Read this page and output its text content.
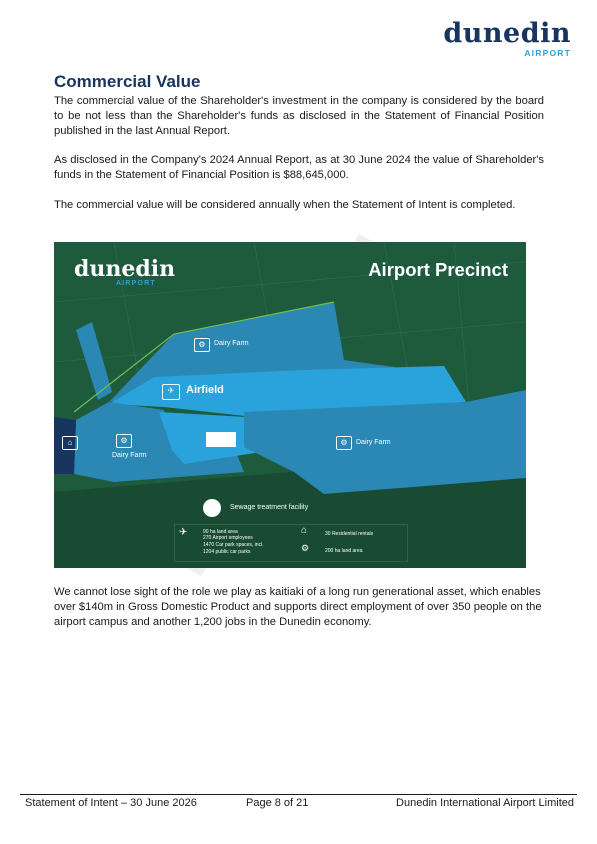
dunedin
AIRPORT
Commercial Value

The commercial value of the Shareholder's investment in the company is considered by the board to be not less than the Shareholder's funds as disclosed in the Statement of Financial Position published in the last Annual Report.

As disclosed in the Company's 2024 Annual Report, as at 30 June 2024 the value of Shareholder's funds in the Statement of Financial Position is $88,645,000.

The commercial value will be considered annually when the Statement of Intent is completed.

dunedin
AIRPORT
Airport Precinct
⚙	Dairy Farm
✈	Airfield
⌂	⚙
Dairy Farm
⚙	Dairy Farm
Sewage treatment facility
✈	90 ha land area
270 Airport employees
1470 Car park spaces, incl.
1204 public car parks
⌂	30 Residential rentals
⚙	200 ha land area

We cannot lose sight of the role we play as kaitiaki of a long run generational asset, which enables over $140m in Gross Domestic Product and supports direct employment of over 350 people on the airport campus and another 1,200 jobs in the Dunedin economy.

Statement of Intent – 30 June 2026	Page 8 of 21	Dunedin International Airport Limited
